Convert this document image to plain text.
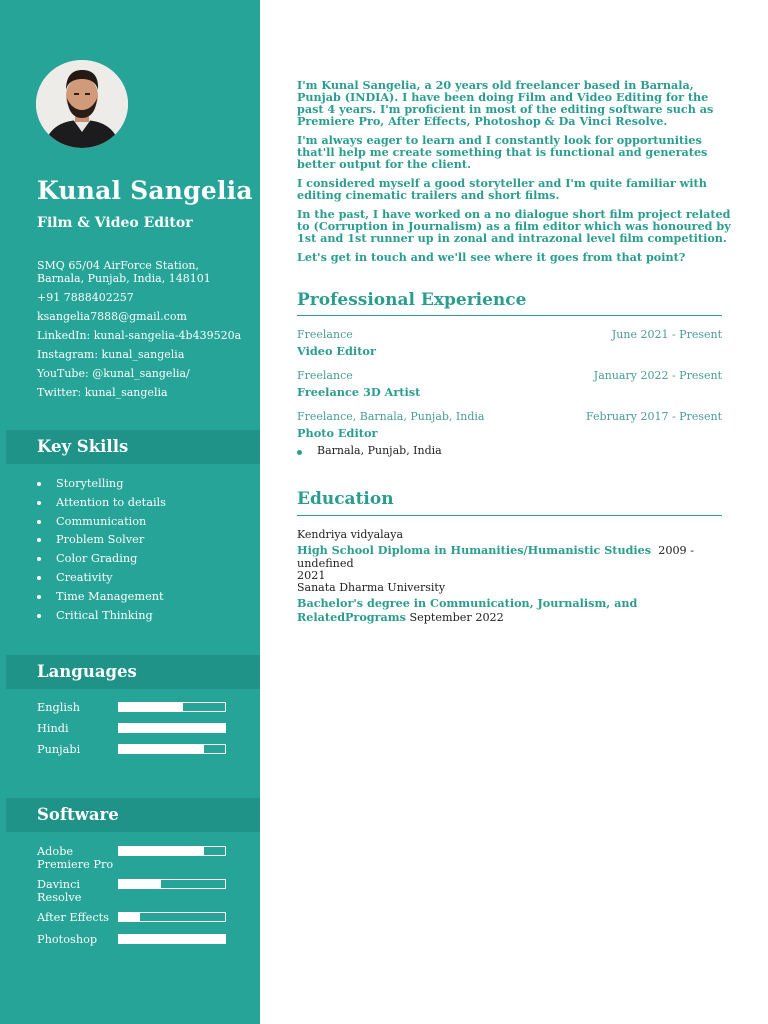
Kunal Sangelia
Film & Video Editor
SMQ 65/04 AirForce Station,
Barnala, Punjab, India, 148101
+91 7888402257
ksangelia7888@gmail.com
LinkedIn: kunal-sangelia-4b439520a
Instagram: kunal_sangelia
YouTube: @kunal_sangelia/
Twitter: kunal_sangelia
Key Skills
Storytelling
Attention to details
Communication
Problem Solver
Color Grading
Creativity
Time Management
Critical Thinking
Languages
English
Hindi
Punjabi
Software
Adobe
Premiere Pro
Davinci
Resolve
After Effects
Photoshop

I'm Kunal Sangelia, a 20 years old freelancer based in Barnala, Punjab (INDIA). I have been doing Film and Video Editing for the past 4 years. I'm proficient in most of the editing software such as Premiere Pro, After Effects, Photoshop & Da Vinci Resolve.

I'm always eager to learn and I constantly look for opportunities that'll help me create something that is functional and generates better output for the client.

I considered myself a good storyteller and I'm quite familiar with editing cinematic trailers and short films.

In the past, I have worked on a no dialogue short film project related to (Corruption in Journalism) as a film editor which was honoured by 1st and 1st runner up in zonal and intrazonal level film competition.

Let's get in touch and we'll see where it goes from that point?

Professional Experience
Freelance	June 2021 - Present
Video Editor
Freelance	January 2022 - Present
Freelance 3D Artist
Freelance, Barnala, Punjab, India	February 2017 - Present
Photo Editor
Barnala, Punjab, India
Education
Kendriya vidyalaya
High School Diploma in Humanities/Humanistic Studies 2009 - undefined
2021
Sanata Dharma University
Bachelor's degree in Communication, Journalism, and
RelatedPrograms September 2022
